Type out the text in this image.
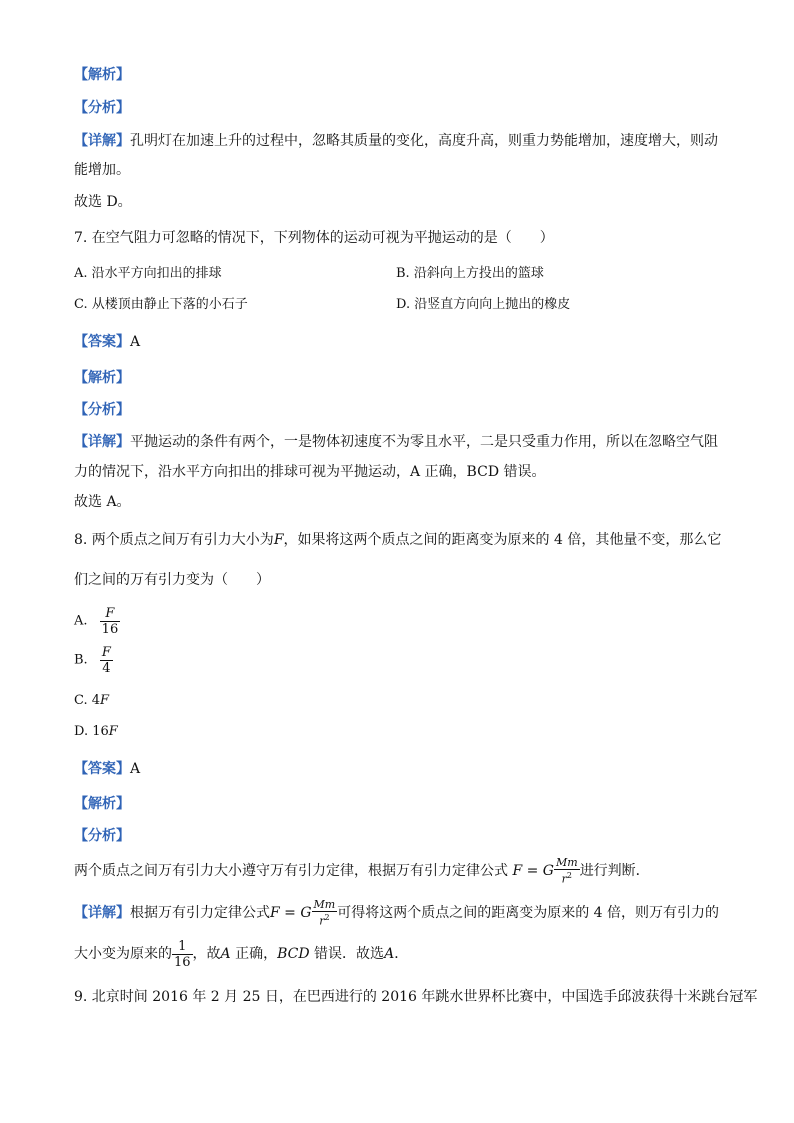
【解析】
【分析】
【详解】孔明灯在加速上升的过程中，忽略其质量的变化，高度升高，则重力势能增加，速度增大，则动
能增加。
故选 D。
7. 在空气阻力可忽略的情况下，下列物体的运动可视为平抛运动的是（　　）
A. 沿水平方向扣出的排球	B. 沿斜向上方投出的篮球
C. 从楼顶由静止下落的小石子	D. 沿竖直方向向上抛出的橡皮
【答案】A
【解析】
【分析】
【详解】平抛运动的条件有两个，一是物体初速度不为零且水平，二是只受重力作用，所以在忽略空气阻
力的情况下，沿水平方向扣出的排球可视为平抛运动，A 正确，BCD 错误。
故选 A。
8. 两个质点之间万有引力大小为F，如果将这两个质点之间的距离变为原来的 4 倍，其他量不变，那么它
们之间的万有引力变为（　　）
A. $\frac{F}{16}$
B. $\frac{F}{4}$
C. 4F
D. 16F
【答案】A
【解析】
【分析】
两个质点之间万有引力大小遵守万有引力定律，根据万有引力定律公式 F = G $\frac{Mm}{r^2}$ 进行判断．
【详解】根据万有引力定律公式F = G $\frac{Mm}{r^2}$ 可得将这两个质点之间的距离变为原来的 4 倍，则万有引力的
大小变为原来的 $\frac{1}{16}$ ，故A 正确，BCD 错误．故选A．
9. 北京时间 2016 年 2 月 25 日，在巴西进行的 2016 年跳水世界杯比赛中，中国选手邱波获得十米跳台冠军
